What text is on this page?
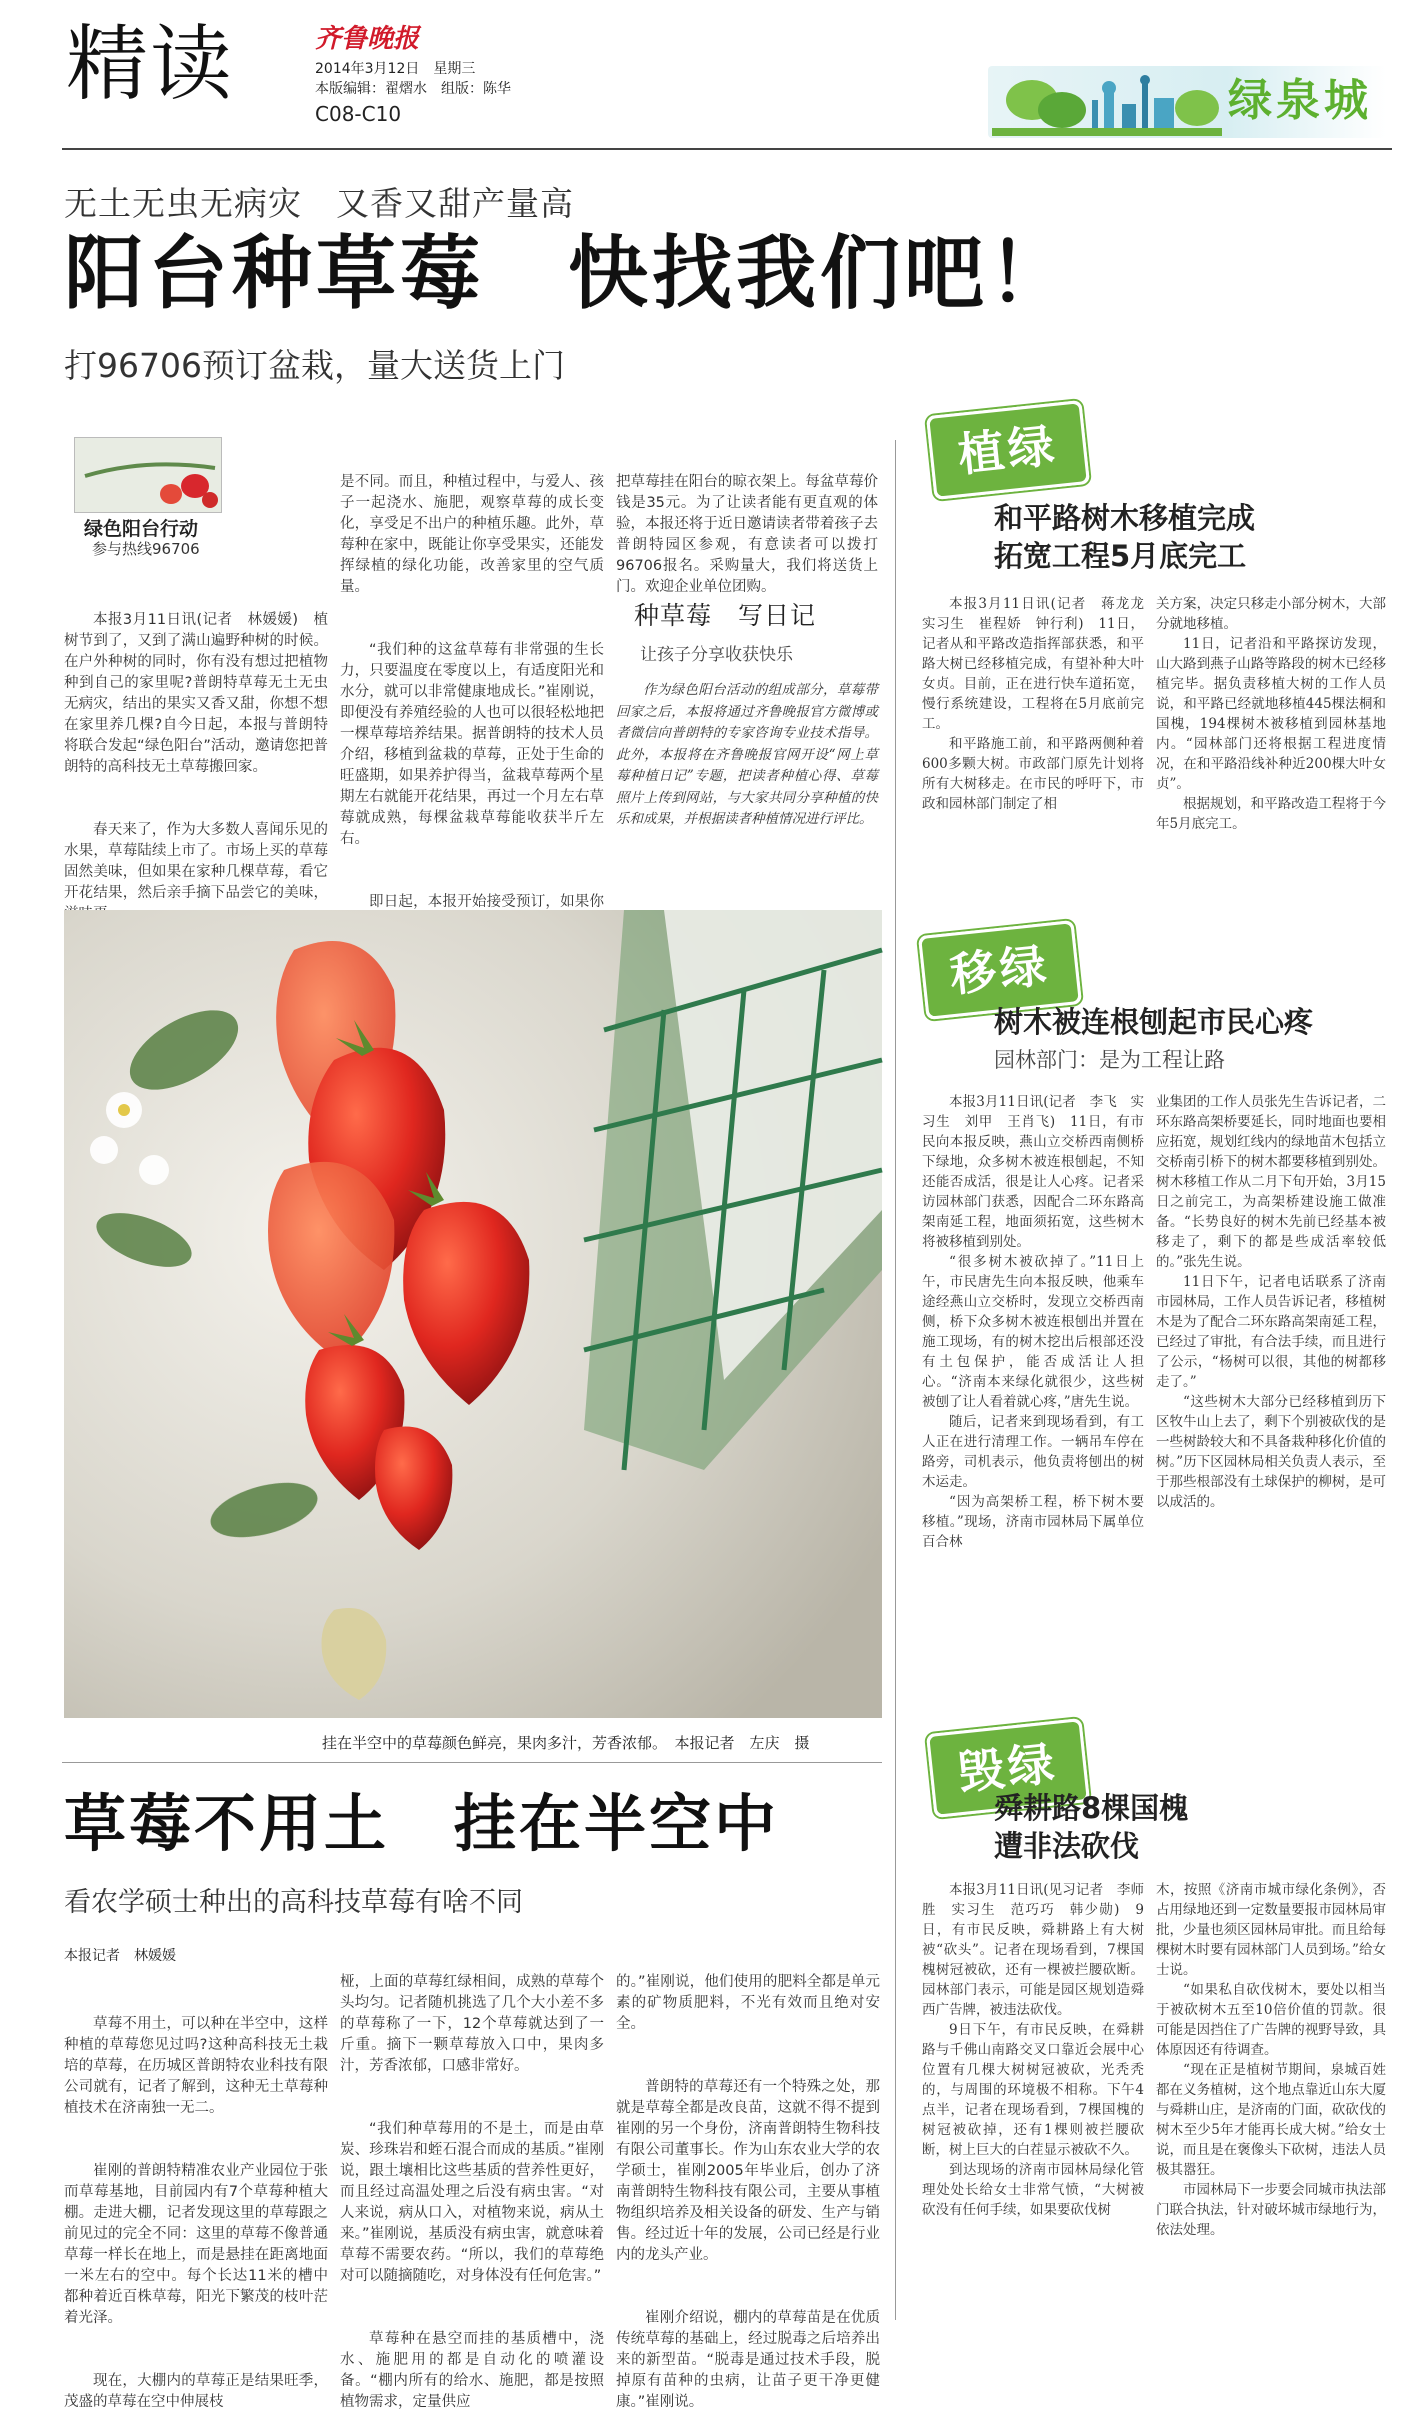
精读	齐鲁晚报
2014年3月12日　星期三
本版编辑：翟熠水　组版：陈华
C08-C10	绿泉城
无土无虫无病灾　又香又甜产量高
阳台种草莓　快找我们吧！
打96706预订盆栽，量大送货上门
绿色阳台行动
参与热线96706

本报3月11日讯(记者　林媛媛)　植树节到了，又到了满山遍野种树的时候。在户外种树的同时，你有没有想过把植物种到自己的家里呢?普朗特草莓无土无虫无病灾，结出的果实又香又甜，你想不想在家里养几棵?自今日起，本报与普朗特将联合发起“绿色阳台”活动，邀请您把普朗特的高科技无土草莓搬回家。

春天来了，作为大多数人喜闻乐见的水果，草莓陆续上市了。市场上买的草莓固然美味，但如果在家种几棵草莓，看它开花结果，然后亲手摘下品尝它的美味，

是不同。而且，种植过程中，与爱人、孩子一起浇水、施肥，观察草莓的成长变化，享受足不出户的种植乐趣。此外，草莓种在家中，既能让你享受果实，还能发挥绿植的绿化功能，改善家里的空气质量。

“我们种的这盆草莓有非常强的生长力，只要温度在零度以上，有适度阳光和水分，就可以非常健康地成长。”崔刚说，即便没有养殖经验的人也可以很轻松地把一棵草莓培养结果。据普朗特的技术人员介绍，移植到盆栽的草莓，正处于生命的旺盛期，如果养护得当，盆栽草莓两个星期左右就能开花结果，再过一个月左右草莓就成熟，每棵盆栽草莓能收获半斤左右。

即日起，本报开始接受预订，如果你

把草莓挂在阳台的晾衣架上。每盆草莓价钱是35元。为了让读者能有更直观的体验，本报还将于近日邀请读者带着孩子去普朗特园区参观，有意读者可以拨打96706报名。采购量大，我们将送货上门。欢迎企业单位团购。

种草莓　写日记
让孩子分享收获快乐
作为绿色阳台活动的组成部分，草莓带回家之后，本报将通过齐鲁晚报官方微博或者微信向普朗特的专家咨询专业技术指导。此外，本报将在齐鲁晚报官网开设“网上草莓种植日记”专题，把读者种植心得、草莓照片上传到网站，与大家共同分享种植的快乐和成果，并根据读者种植情况进行评比。
挂在半空中的草莓颜色鲜亮，果肉多汁，芳香浓郁。　本报记者　左庆　摄
草莓不用土　挂在半空中
看农学硕士种出的高科技草莓有啥不同
本报记者　林媛媛

草莓不用土，可以种在半空中，这样种植的草莓您见过吗?这种高科技无土栽培的草莓，在历城区普朗特农业科技有限公司就有，记者了解到，这种无土草莓种植技术在济南独一无二。

崔刚的普朗特精准农业产业园位于张而草莓基地，目前园内有7个草莓种植大棚。走进大棚，记者发现这里的草莓跟之前见过的完全不同：这里的草莓不像普通草莓一样长在地上，而是悬挂在距离地面一米左右的空中。每个长达11米的槽中都种着近百株草莓，阳光下繁茂的枝叶茫着光泽。

现在，大棚内的草莓正是结果旺季，茂盛的草莓在空中伸展枝

桠，上面的草莓红绿相间，成熟的草莓个头均匀。记者随机挑选了几个大小差不多的草莓称了一下，12个草莓就达到了一斤重。摘下一颗草莓放入口中，果肉多汁，芳香浓郁，口感非常好。

“我们种草莓用的不是土，而是由草炭、珍珠岩和蛭石混合而成的基质。”崔刚说，跟土壤相比这些基质的营养性更好，而且经过高温处理之后没有病虫害。“对人来说，病从口入，对植物来说，病从土来。”崔刚说，基质没有病虫害，就意味着草莓不需要农药。“所以，我们的草莓绝对可以随摘随吃，对身体没有任何危害。”

草莓种在悬空而挂的基质槽中，浇水、施肥用的都是自动化的喷灌设备。“棚内所有的给水、施肥，都是按照植物需求，定量供应

的。”崔刚说，他们使用的肥料全都是单元素的矿物质肥料，不光有效而且绝对安全。

普朗特的草莓还有一个特殊之处，那就是草莓全都是改良苗，这就不得不提到崔刚的另一个身份，济南普朗特生物科技有限公司董事长。作为山东农业大学的农学硕士，崔刚2005年毕业后，创办了济南普朗特生物科技有限公司，主要从事植物组织培养及相关设备的研发、生产与销售。经过近十年的发展，公司已经是行业内的龙头产业。

崔刚介绍说，棚内的草莓苗是在优质传统草莓的基础上，经过脱毒之后培养出来的新型苗。“脱毒是通过技术手段，脱掉原有苗种的虫病，让苗子更干净更健康。”崔刚说。

植绿
和平路树木移植完成
拓宽工程5月底完工

本报3月11日讯(记者　蒋龙龙　实习生　崔程娇　钟行利)　11日，记者从和平路改造指挥部获悉，和平路大树已经移植完成，有望补种大叶女贞。目前，正在进行快车道拓宽，慢行系统建设，工程将在5月底前完工。

和平路施工前，和平路两侧种着600多颗大树。市政部门原先计划将所有大树移走。在市民的呼吁下，市政和园林部门制定了相

关方案，决定只移走小部分树木，大部分就地移植。

11日，记者沿和平路探访发现，山大路到燕子山路等路段的树木已经移植完毕。据负责移植大树的工作人员说，和平路已经就地移植445棵法桐和国槐，194棵树木被移植到园林基地内。“园林部门还将根据工程进度情况，在和平路沿线补种近200棵大叶女贞”。

根据规划，和平路改造工程将于今年5月底完工。

移绿
树木被连根刨起市民心疼
园林部门：是为工程让路

本报3月11日讯(记者　李飞　实习生　刘甲　王肖飞)　11日，有市民向本报反映，燕山立交桥西南侧桥下绿地，众多树木被连根刨起，不知还能否成活，很是让人心疼。记者采访园林部门获悉，因配合二环东路高架南延工程，地面须拓宽，这些树木将被移植到别处。

“很多树木被砍掉了。”11日上午，市民唐先生向本报反映，他乘车途经燕山立交桥时，发现立交桥西南侧，桥下众多树木被连根刨出并置在施工现场，有的树木挖出后根部还没有土包保护，能否成活让人担心。“济南本来绿化就很少，这些树被刨了让人看着就心疼，”唐先生说。

随后，记者来到现场看到，有工人正在进行清理工作。一辆吊车停在路旁，司机表示，他负责将刨出的树木运走。

“因为高架桥工程，桥下树木要移植。”现场，济南市园林局下属单位百合林

业集团的工作人员张先生告诉记者，二环东路高架桥要延长，同时地面也要相应拓宽，规划红线内的绿地苗木包括立交桥南引桥下的树木都要移植到别处。树木移植工作从二月下旬开始，3月15日之前完工，为高架桥建设施工做准备。“长势良好的树木先前已经基本被移走了，剩下的都是些成活率较低的。”张先生说。

11日下午，记者电话联系了济南市园林局，工作人员告诉记者，移植树木是为了配合二环东路高架南延工程，已经过了审批，有合法手续，而且进行了公示，“杨树可以很，其他的树都移走了。”

“这些树木大部分已经移植到历下区牧牛山上去了，剩下个别被砍伐的是一些树龄较大和不具备栽种移化价值的树。”历下区园林局相关负责人表示，至于那些根部没有土球保护的柳树，是可以成活的。

毁绿
舜耕路8棵国槐
遭非法砍伐

本报3月11日讯(见习记者　李师胜　实习生　范巧巧　韩少勋)　9日，有市民反映，舜耕路上有大树被“砍头”。记者在现场看到，7棵国槐树冠被砍，还有一棵被拦腰砍断。园林部门表示，可能是园区规划造舜西广告牌，被违法砍伐。

9日下午，有市民反映，在舜耕路与千佛山南路交叉口靠近会展中心位置有几棵大树树冠被砍，光秃秃的，与周围的环境极不相称。下午4点半，记者在现场看到，7棵国槐的树冠被砍掉，还有1棵则被拦腰砍断，树上巨大的白茬显示被砍不久。

到达现场的济南市园林局绿化管理处处长给女士非常气愤，“大树被砍没有任何手续，如果要砍伐树

木，按照《济南市城市绿化条例》，否占用绿地还到一定数量要报市园林局审批，少量也须区园林局审批。而且给每棵树木时要有园林部门人员到场。”给女士说。

“如果私自砍伐树木，要处以相当于被砍树木五至10倍价值的罚款。很可能是因挡住了广告牌的视野导致，具体原因还有待调查。

“现在正是植树节期间，泉城百姓都在义务植树，这个地点靠近山东大厦与舜耕山庄，是济南的门面，砍砍伐的树木至少5年才能再长成大树。”给女士说，而且是在褒像头下砍树，违法人员极其嚣狂。

市园林局下一步要会同城市执法部门联合执法，针对破坏城市绿地行为，依法处理。
